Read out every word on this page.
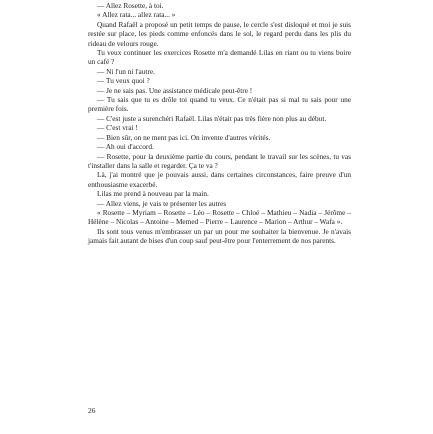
— Allez Rosette, à toi.

« Allez rata... allez rata... »

Quand Rafaël a proposé un petit temps de pause, le cercle s'est disloqué et moi je suis restée sur place, les pieds comme enfoncés dans le sol, le regard perdu dans les plis du rideau de velours rouge.

Tu veux continuer les exercices Rosette m'a demandé Lilas en riant ou tu viens boire un café ?

— Ni l'un ni l'autre.

— Tu veux quoi ?

— Je ne sais pas. Une assistance médicale peut-être !

— Tu sais que tu es drôle toi quand tu veux. Ce n'était pas si mal tu sais pour une première fois.

— C'est juste a surenchéri Rafaël. Lilas n'était pas très fière non plus au début.

— C'est vrai !

— Bien sûr, on ne ment pas ici. On invente d'autres vérités.

— Ah oui d'accord.

— Rosette, pour la deuxième partie du cours, pendant le travail sur les scènes, tu vas t'installer dans la salle et regarder. Ça te va ?

Là, j'ai montré que je pouvais aussi, dans certaines circonstances, faire preuve d'un enthousiasme exacerbé.

Lilas me prend à nouveau par la main.

— Allez viens, je vais te présenter les autres

« Rosette – Myriam – Rosette – Léo – Rosette – Chloé – Mathieu – Nadia – Jérôme – Hélène – Nicolas – Antoine – Memed – Pierre – Laurence – Marion – Arthur – Wafa ».

Ils sont tous venus m'embrasser un par un pour me souhaiter la bienvenue. Je n'avais jamais fait autant de bises d'un coup sauf peut-être pour l'enterrement de nos parents.

26
